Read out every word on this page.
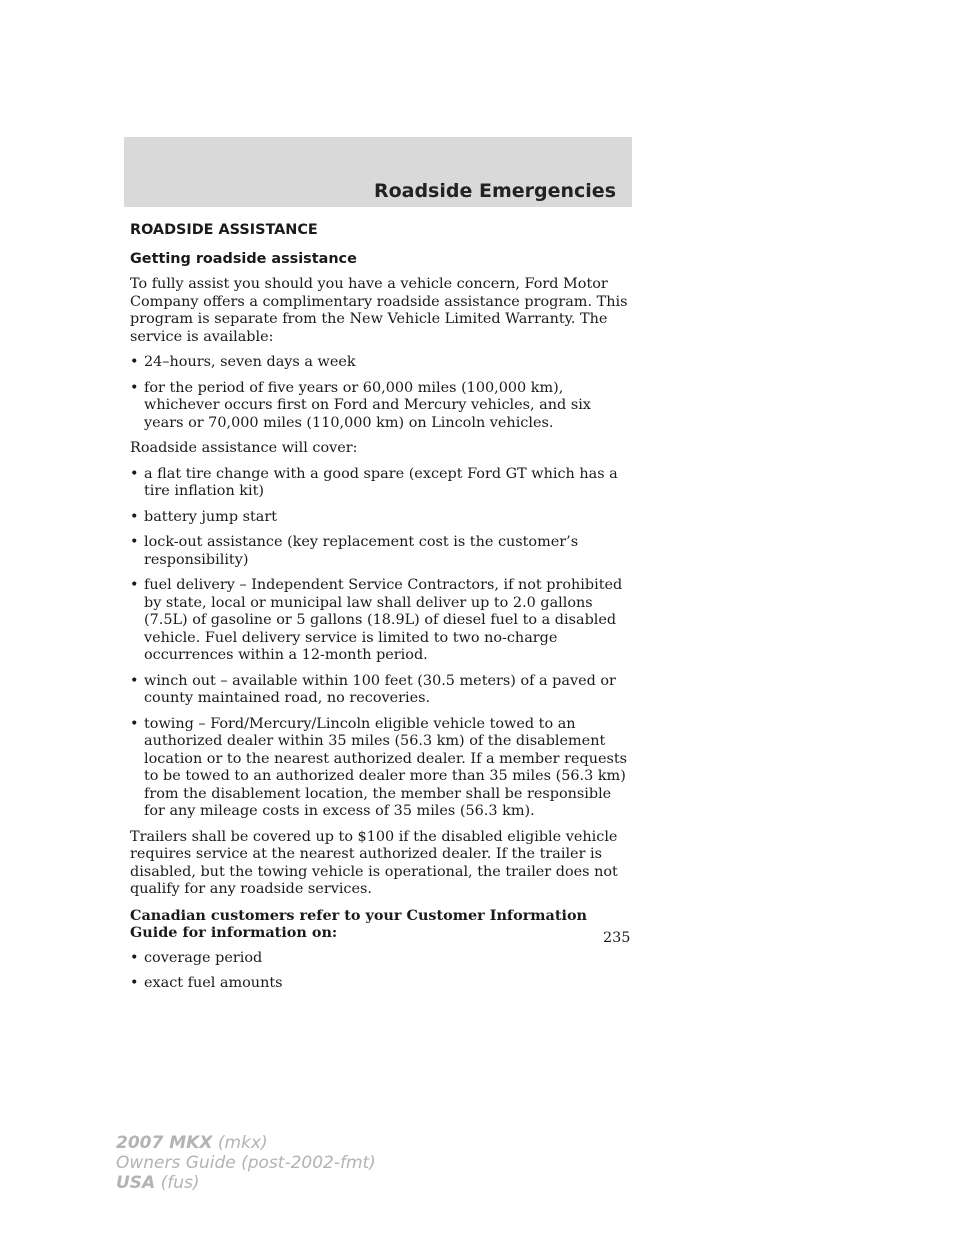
Roadside Emergencies
ROADSIDE ASSISTANCE
Getting roadside assistance

To fully assist you should you have a vehicle concern, Ford Motor Company offers a complimentary roadside assistance program. This program is separate from the New Vehicle Limited Warranty. The service is available:

• 24–hours, seven days a week
• for the period of five years or 60,000 miles (100,000 km), whichever occurs first on Ford and Mercury vehicles, and six years or 70,000 miles (110,000 km) on Lincoln vehicles.

Roadside assistance will cover:

• a flat tire change with a good spare (except Ford GT which has a tire inflation kit)
• battery jump start
• lock-out assistance (key replacement cost is the customer’s responsibility)
• fuel delivery – Independent Service Contractors, if not prohibited by state, local or municipal law shall deliver up to 2.0 gallons (7.5L) of gasoline or 5 gallons (18.9L) of diesel fuel to a disabled vehicle. Fuel delivery service is limited to two no-charge occurrences within a 12-month period.
• winch out – available within 100 feet (30.5 meters) of a paved or county maintained road, no recoveries.
• towing – Ford/Mercury/Lincoln eligible vehicle towed to an authorized dealer within 35 miles (56.3 km) of the disablement location or to the nearest authorized dealer. If a member requests to be towed to an authorized dealer more than 35 miles (56.3 km) from the disablement location, the member shall be responsible for any mileage costs in excess of 35 miles (56.3 km).

Trailers shall be covered up to $100 if the disabled eligible vehicle requires service at the nearest authorized dealer. If the trailer is disabled, but the towing vehicle is operational, the trailer does not qualify for any roadside services.

Canadian customers refer to your Customer Information Guide for information on:

• coverage period
• exact fuel amounts
235
2007 MKX (mkx)
Owners Guide (post-2002-fmt)
USA (fus)
